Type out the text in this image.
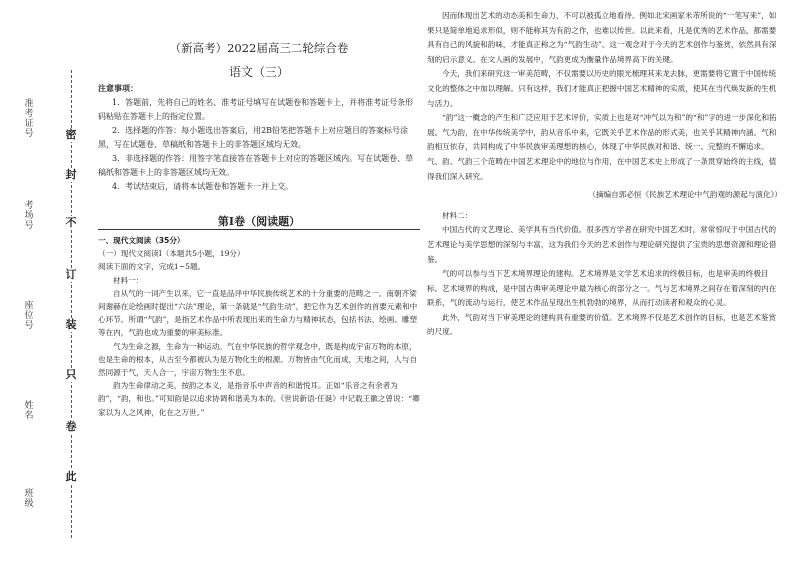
密
封
不
订
装
只
卷
此
准考证号
考场号
座位号
姓名
班级
（新高考）2022届高三二轮综合卷
语文（三）
注意事项：

1．答题前，先将自己的姓名、准考证号填写在试题卷和答题卡上，并将准考证号条形码粘贴在答题卡上的指定位置。

2．选择题的作答：每小题选出答案后，用2B铅笔把答题卡上对应题目的答案标号涂黑，写在试题卷、草稿纸和答题卡上的非答题区域均无效。

3．非选择题的作答：用签字笔直接答在答题卡上对应的答题区域内。写在试题卷、草稿纸和答题卡上的非答题区域均无效。

4．考试结束后，请将本试题卷和答题卡一并上交。

第Ⅰ卷（阅读题）

一、现代文阅读（35分）

（一）现代文阅读Ⅰ（本题共5小题，19分）

阅读下面的文字，完成1~5题。

材料一：

自从气的一词产生以来，它一直是品评中华民族传统艺术的十分重要的范畴之一。南朝齐梁间谢赫在论绘画时提出“六法”理论，第一条就是“气韵生动”，把它作为艺术创作的首要元素和中心环节。所谓“气韵”，是指艺术作品中所表现出来的生命力与精神状态，包括书法、绘画、雕塑等在内，气韵也成为重要的审美标准。

气为生命之源，生命为一种运动。气在中华民族的哲学观念中，既是构成宇宙万物的本原，也是生命的根本，从古至今都被认为是万物化生的根源。万物皆由气化而成，天地之间，人与自然同源于气，天人合一，宇宙万物生生不息。

韵为生命律动之美，按韵之本义，是指音乐中声音的和谐悦耳。正如“乐音之有余者为韵”，“韵，和也。”可知韵是以追求协调和谐美为本的。《世说新语·任诞》中记载王徽之曾说：“卿家以为人之风神，化在之万世。”

因而体现出艺术的动态美和生命力，不可以被孤立地看待。例如北宋画家米芾所说的“一笔写来”，如果只是简单地追求形似，则不能称其为有韵之作，也难以传世。以此来看，凡是优秀的艺术作品，都需要具有自己的风貌和韵味，才能真正称之为“气韵生动”。这一观念对于今天的艺术创作与鉴赏，依然具有深刻的启示意义。在文人画的发展中，气韵更成为衡量作品境界高下的关键。

今天，我们来研究这一审美范畴，不仅需要以历史的眼光梳理其来龙去脉，更需要将它置于中国传统文化的整体之中加以理解。只有这样，我们才能真正把握中国艺术精神的实质，使其在当代焕发新的生机与活力。

“韵”这一概念的产生和广泛应用于艺术评价，实质上也是对“冲气以为和”的“和”字的进一步深化和拓展。气为韵，在中华传统美学中，韵从音乐中来，它既关乎艺术作品的形式美，也关乎其精神内涵。气和韵相互依存，共同构成了中华民族审美理想的核心，体现了中华民族对和谐、统一、完整的不懈追求。气、韵、气韵三个范畴在中国艺术理论中的地位与作用，在中国艺术史上形成了一条贯穿始终的主线，值得我们深入研究。

（摘编自郭必恒《民族艺术理论中气韵观的源起与演化》）

材料二：

中国古代的文艺理论、美学具有当代价值。很多西方学者在研究中国艺术时，常常惊叹于中国古代的艺术理论与美学思想的深刻与丰富，这为我们今天的艺术创作与理论研究提供了宝贵的思想资源和理论借鉴。

气的可以参与当下艺术境界理论的建构。艺术境界是文学艺术追求的终极目标，也是审美的终极目标。艺术境界的构成，是中国古典审美理论中最为核心的部分之一。气与艺术境界之间存在着深刻的内在联系，气的流动与运行，使艺术作品呈现出生机勃勃的境界，从而打动读者和观众的心灵。

此外，气韵对当下审美理论的建构具有重要的价值。艺术境界不仅是艺术创作的目标，也是艺术鉴赏的尺度。
